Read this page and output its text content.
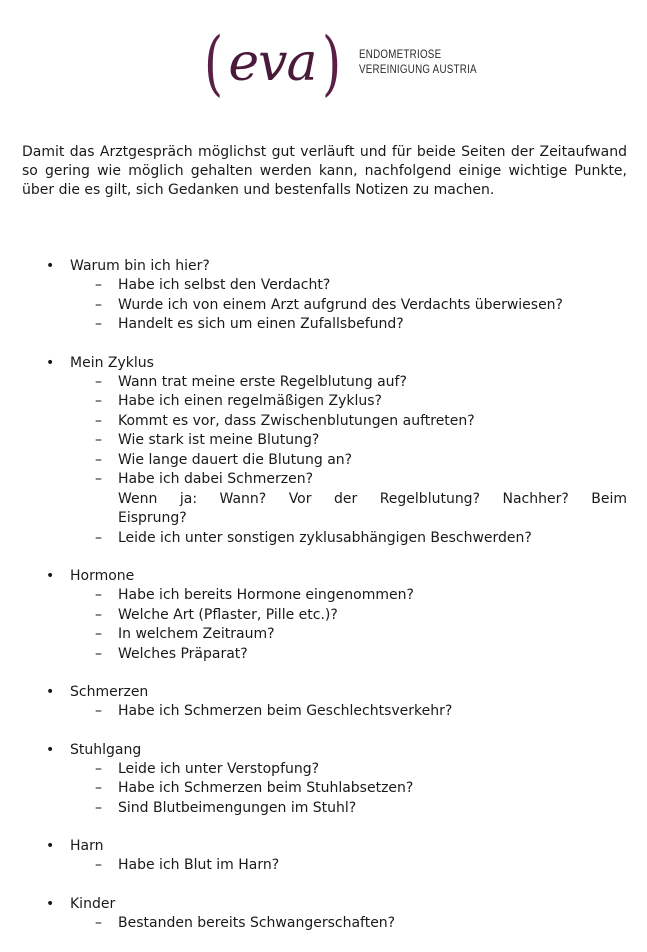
( eva ) ENDOMETRIOSE
VEREINIGUNG AUSTRIA

Damit das Arztgespräch möglichst gut verläuft und für beide Seiten der Zeitaufwand so gering wie möglich gehalten werden kann, nachfolgend einige wichtige Punkte, über die es gilt, sich Gedanken und bestenfalls Notizen zu machen.

• Warum bin ich hier?
– Habe ich selbst den Verdacht?
– Wurde ich von einem Arzt aufgrund des Verdachts überwiesen?
– Handelt es sich um einen Zufallsbefund?
• Mein Zyklus
– Wann trat meine erste Regelblutung auf?
– Habe ich einen regelmäßigen Zyklus?
– Kommt es vor, dass Zwischenblutungen auftreten?
– Wie stark ist meine Blutung?
– Wie lange dauert die Blutung an?
– Habe ich dabei Schmerzen?
Wenn ja: Wann? Vor der Regelblutung? Nachher? Beim
Eisprung?
– Leide ich unter sonstigen zyklusabhängigen Beschwerden?
• Hormone
– Habe ich bereits Hormone eingenommen?
– Welche Art (Pflaster, Pille etc.)?
– In welchem Zeitraum?
– Welches Präparat?
• Schmerzen
– Habe ich Schmerzen beim Geschlechtsverkehr?
• Stuhlgang
– Leide ich unter Verstopfung?
– Habe ich Schmerzen beim Stuhlabsetzen?
– Sind Blutbeimengungen im Stuhl?
• Harn
– Habe ich Blut im Harn?
• Kinder
– Bestanden bereits Schwangerschaften?
